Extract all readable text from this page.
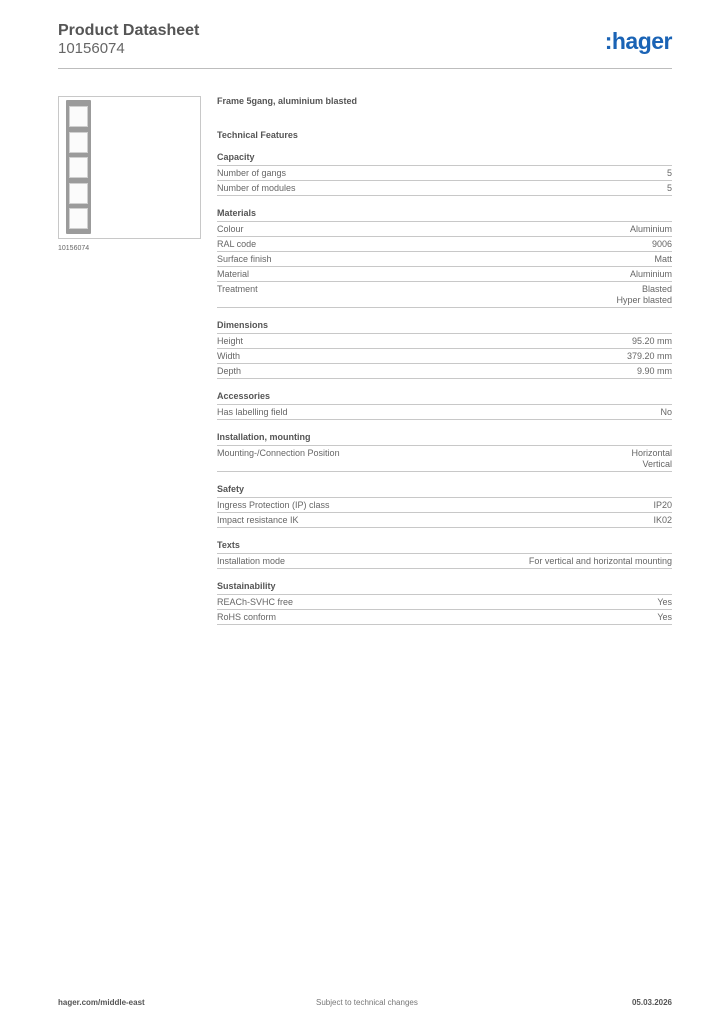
Product Datasheet
10156074	:hager
10156074
Frame 5gang, aluminium blasted
Technical Features
Capacity
Number of gangs	5
Number of modules	5
Materials
Colour	Aluminium
RAL code	9006
Surface finish	Matt
Material	Aluminium
Treatment	Blasted
Hyper blasted
Dimensions
Height	95.20 mm
Width	379.20 mm
Depth	9.90 mm
Accessories
Has labelling field	No
Installation, mounting
Mounting-/Connection Position	Horizontal
Vertical
Safety
Ingress Protection (IP) class	IP20
Impact resistance IK	IK02
Texts
Installation mode	For vertical and horizontal mounting
Sustainability
REACh-SVHC free	Yes
RoHS conform	Yes
hager.com/middle-east	Subject to technical changes	05.03.2026
